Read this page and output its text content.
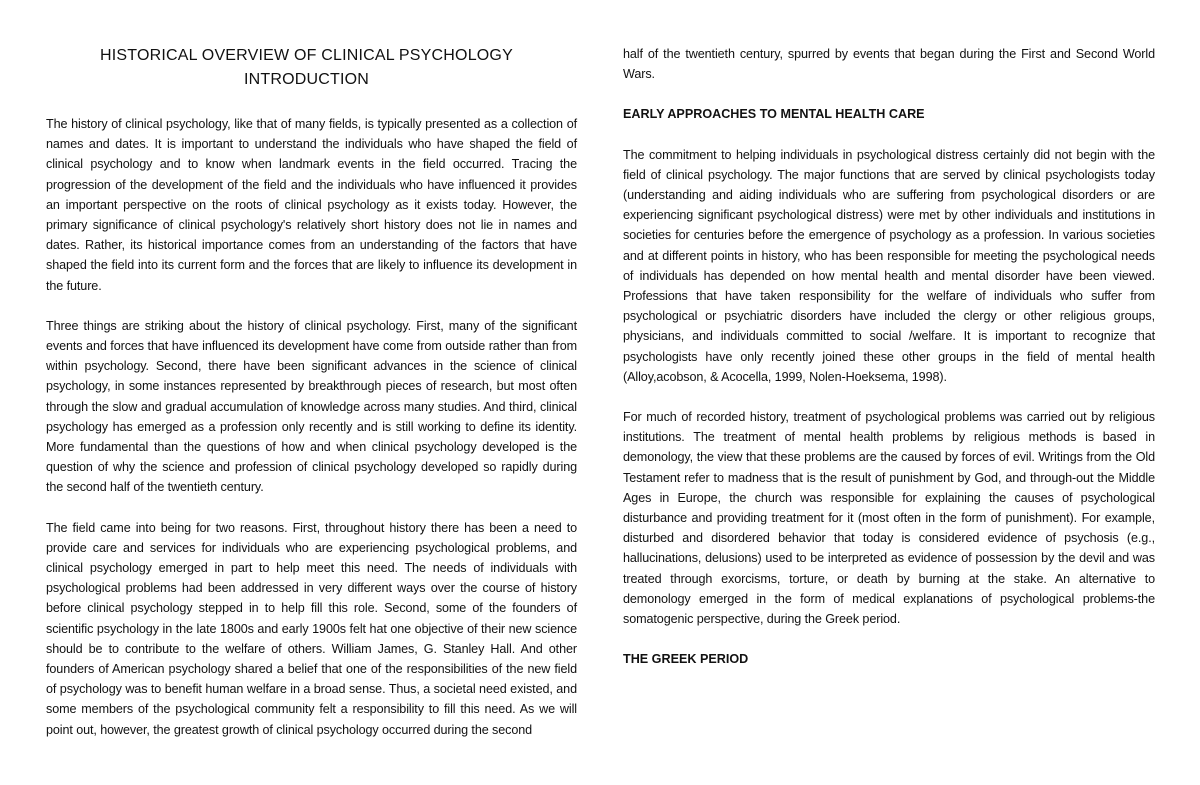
HISTORICAL OVERVIEW OF CLINICAL PSYCHOLOGY INTRODUCTION

The history of clinical psychology, like that of many fields, is typically presented as a collection of names and dates. It is important to understand the individuals who have shaped the field of clinical psychology and to know when landmark events in the field occurred. Tracing the progression of the development of the field and the individuals who have influenced it provides an important perspective on the roots of clinical psychology as it exists today. However, the primary significance of clinical psychology's relatively short history does not lie in names and dates. Rather, its historical importance comes from an understanding of the factors that have shaped the field into its current form and the forces that are likely to influence its development in the future.

Three things are striking about the history of clinical psychology. First, many of the significant events and forces that have influenced its development have come from outside rather than from within psychology. Second, there have been significant advances in the science of clinical psychology, in some instances represented by breakthrough pieces of research, but most often through the slow and gradual accumulation of knowledge across many studies. And third, clinical psychology has emerged as a profession only recently and is still working to define its identity. More fundamental than the questions of how and when clinical psychology developed is the question of why the science and profession of clinical psychology developed so rapidly during the second half of the twentieth century.

The field came into being for two reasons. First, throughout history there has been a need to provide care and services for individuals who are experiencing psychological problems, and clinical psychology emerged in part to help meet this need. The needs of individuals with psychological problems had been addressed in very different ways over the course of history before clinical psychology stepped in to help fill this role. Second, some of the founders of scientific psychology in the late 1800s and early 1900s felt hat one objective of their new science should be to contribute to the welfare of others. William James, G. Stanley Hall. And other founders of American psychology shared a belief that one of the responsibilities of the new field of psychology was to benefit human welfare in a broad sense. Thus, a societal need existed, and some members of the psychological community felt a responsibility to fill this need. As we will point out, however, the greatest growth of clinical psychology occurred during the second

half of the twentieth century, spurred by events that began during the First and Second World Wars.

EARLY APPROACHES TO MENTAL HEALTH CARE

The commitment to helping individuals in psychological distress certainly did not begin with the field of clinical psychology. The major functions that are served by clinical psychologists today (understanding and aiding individuals who are suffering from psychological disorders or are experiencing significant psychological distress) were met by other individuals and institutions in societies for centuries before the emergence of psychology as a profession. In various societies and at different points in history, who has been responsible for meeting the psychological needs of individuals has depended on how mental health and mental disorder have been viewed. Professions that have taken responsibility for the welfare of individuals who suffer from psychological or psychiatric disorders have included the clergy or other religious groups, physicians, and individuals committed to social /welfare. It is important to recognize that psychologists have only recently joined these other groups in the field of mental health (Alloy,acobson, & Acocella, 1999, Nolen-Hoeksema, 1998).

For much of recorded history, treatment of psychological problems was carried out by religious institutions. The treatment of mental health problems by religious methods is based in demonology, the view that these problems are the caused by forces of evil. Writings from the Old Testament refer to madness that is the result of punishment by God, and through-out the Middle Ages in Europe, the church was responsible for explaining the causes of psychological disturbance and providing treatment for it (most often in the form of punishment). For example, disturbed and disordered behavior that today is considered evidence of psychosis (e.g., hallucinations, delusions) used to be interpreted as evidence of possession by the devil and was treated through exorcisms, torture, or death by burning at the stake. An alternative to demonology emerged in the form of medical explanations of psychological problems-the somatogenic perspective, during the Greek period.

THE GREEK PERIOD
